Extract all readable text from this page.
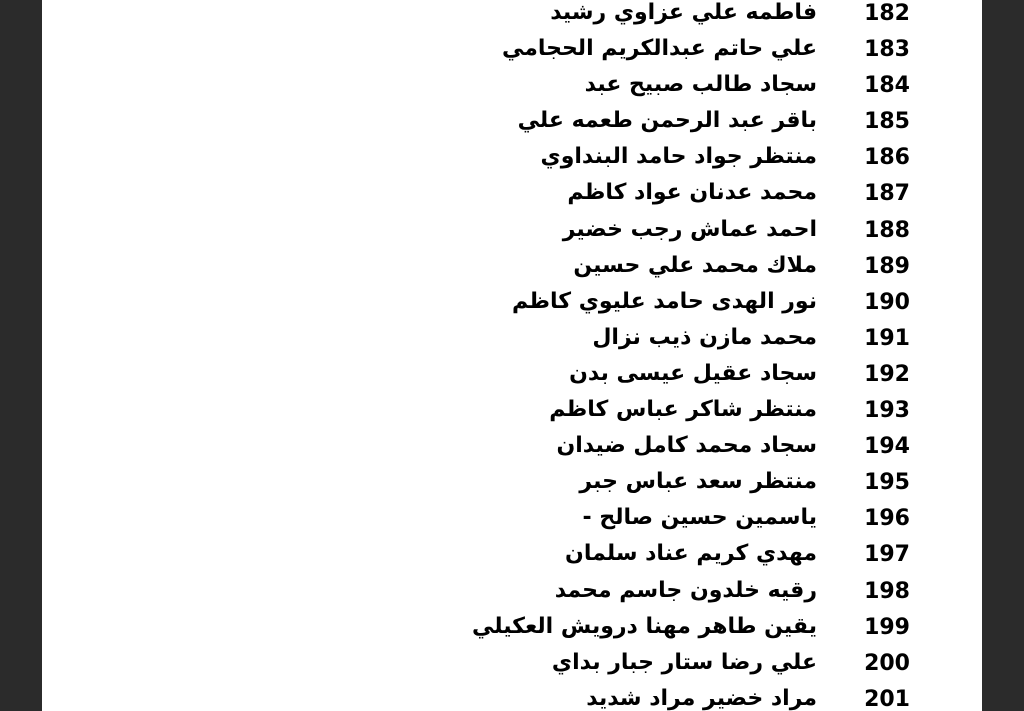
182
فاطمه علي عزاوي رشيد
183
علي حاتم عبدالكريم الحجامي
184
سجاد طالب صبيح عبد
185
باقر عبد الرحمن طعمه علي
186
منتظر جواد حامد البنداوي
187
محمد عدنان عواد كاظم
188
احمد عماش رجب خضير
189
ملاك محمد علي حسين
190
نور الهدى حامد عليوي كاظم
191
محمد مازن ذيب نزال
192
سجاد عقيل عيسى بدن
193
منتظر شاكر عباس كاظم
194
سجاد محمد كامل ضيدان
195
منتظر سعد عباس جبر
196
ياسمين حسين صالح -
197
مهدي كريم عناد سلمان
198
رقيه خلدون جاسم محمد
199
يقين طاهر مهنا درويش العكيلي
200
علي رضا ستار جبار بداي
201
مراد خضير مراد شديد
